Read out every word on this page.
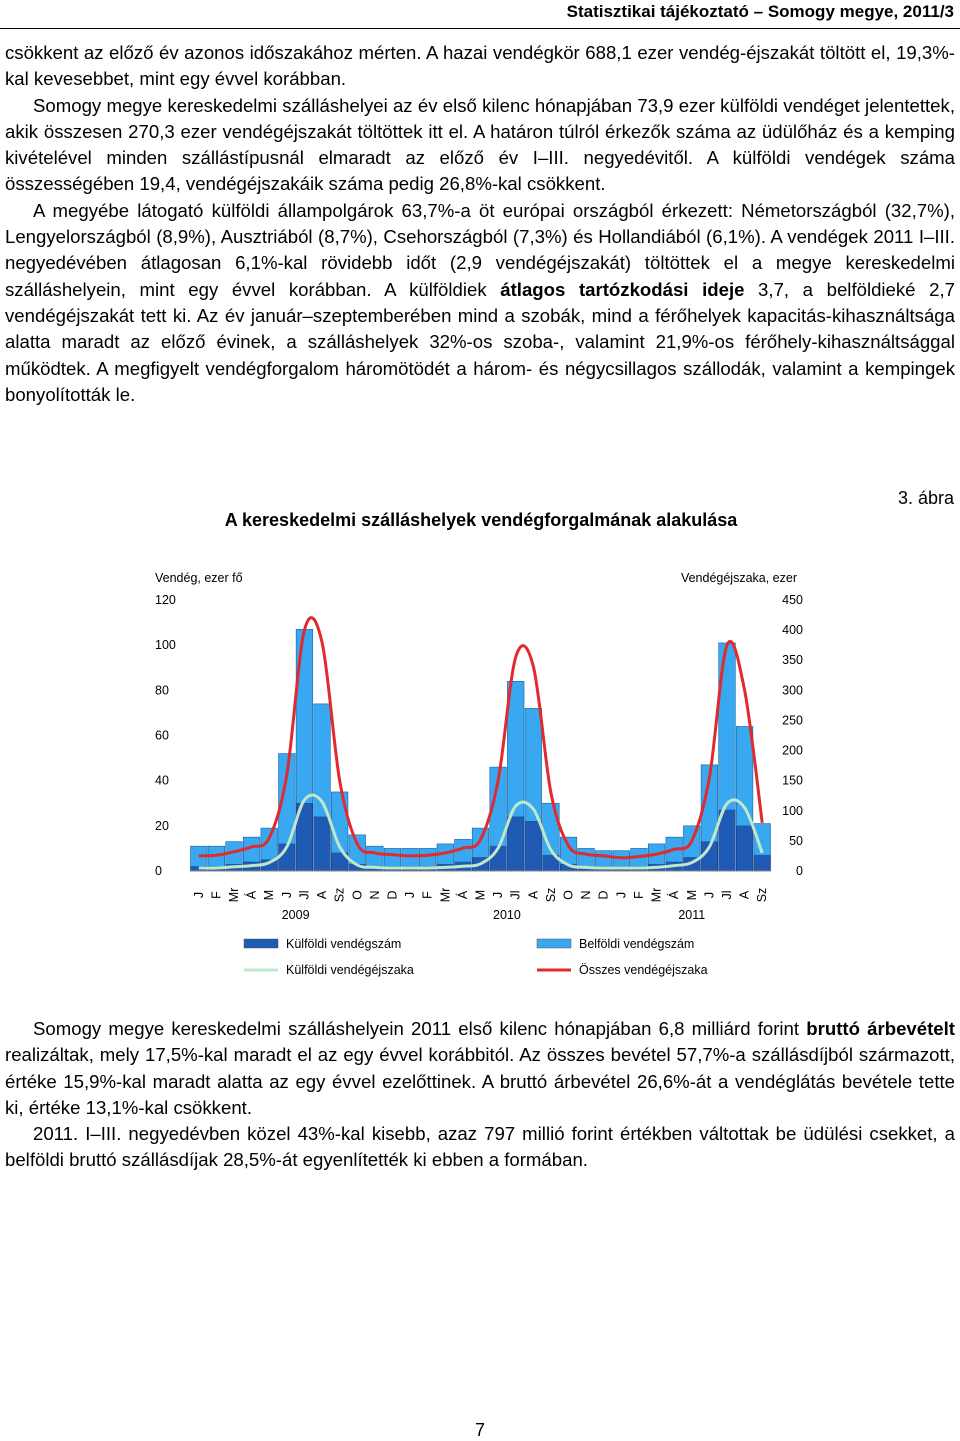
Statisztikai tájékoztató – Somogy megye, 2011/3

csökkent az előző év azonos időszakához mérten. A hazai vendégkör 688,1 ezer vendég-éjszakát töltött el, 19,3%-kal kevesebbet, mint egy évvel korábban.

Somogy megye kereskedelmi szálláshelyei az év első kilenc hónapjában 73,9 ezer külföldi vendéget jelentettek, akik összesen 270,3 ezer vendégéjszakát töltöttek itt el. A határon túlról érkezők száma az üdülőház és a kemping kivételével minden szállástípusnál elmaradt az előző év I–III. negyedévitől. A külföldi vendégek száma összességében 19,4, vendégéjszakáik száma pedig 26,8%-kal csökkent.

A megyébe látogató külföldi állampolgárok 63,7%-a öt európai országból érkezett: Németországból (32,7%), Lengyelországból (8,9%), Ausztriából (8,7%), Csehországból (7,3%) és Hollandiából (6,1%). A vendégek 2011 I–III. negyedévében átlagosan 6,1%-kal rövidebb időt (2,9 vendégéjszakát) töltöttek el a megye kereskedelmi szálláshelyein, mint egy évvel korábban. A külföldiek átlagos tartózkodási ideje 3,7, a belföldieké 2,7 vendégéjszakát tett ki. Az év január–szeptemberében mind a szobák, mind a férőhelyek kapacitás-kihasználtsága alatta maradt az előző évinek, a szálláshelyek 32%-os szoba-, valamint 21,9%-os férőhely-kihasználtsággal működtek. A megfigyelt vendégforgalom háromötödét a három- és négycsillagos szállodák, valamint a kempingek bonyolították le.

3. ábra
A kereskedelmi szálláshelyek vendégforgalmának alakulása
Vendég, ezer fő	Vendégéjszaka, ezer
0
20
40
60
80
100
120
0
50
100
150
200
250
300
350
400
450
J F Mr Á M J Jl A Sz O N D J F Mr Á M J Jl A Sz O N D J F Mr Á M J Jl A Sz
2009	2010	2011
Külföldi vendégszám	Belföldi vendégszám
Külföldi vendégéjszaka	Összes vendégéjszaka

Somogy megye kereskedelmi szálláshelyein 2011 első kilenc hónapjában 6,8 milliárd forint bruttó árbevételt realizáltak, mely 17,5%-kal maradt el az egy évvel korábbitól. Az összes bevétel 57,7%-a szállásdíjból származott, értéke 15,9%-kal maradt alatta az egy évvel ezelőttinek. A bruttó árbevétel 26,6%-át a vendéglátás bevétele tette ki, értéke 13,1%-kal csökkent.

2011. I–III. negyedévben közel 43%-kal kisebb, azaz 797 millió forint értékben váltottak be üdülési csekket, a belföldi bruttó szállásdíjak 28,5%-át egyenlítették ki ebben a formában.

7
